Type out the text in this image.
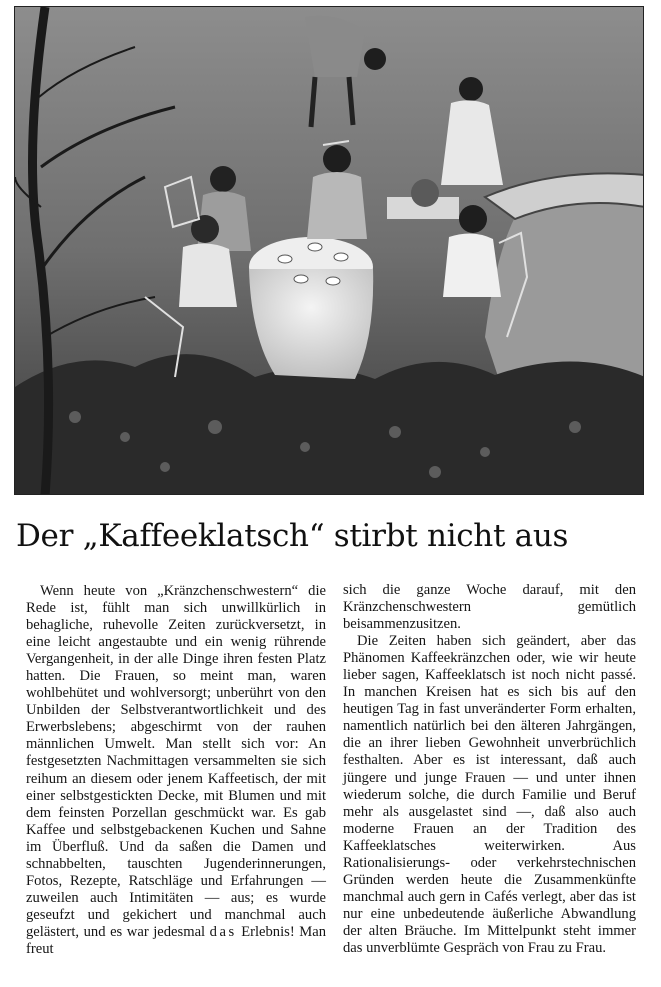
Der „Kaffeeklatsch“ stirbt nicht aus

Wenn heute von „Kränzchenschwestern“ die Rede ist, fühlt man sich unwillkürlich in behagliche, ruhevolle Zeiten zurückversetzt, in eine leicht angestaubte und ein wenig rührende Vergangenheit, in der alle Dinge ihren festen Platz hatten. Die Frauen, so meint man, waren wohlbehütet und wohlversorgt; unberührt von den Unbilden der Selbstverantwortlichkeit und des Erwerbslebens; abgeschirmt von der rauhen männlichen Umwelt. Man stellt sich vor: An festgesetzten Nachmittagen versammelten sie sich reihum an diesem oder jenem Kaffeetisch, der mit einer selbstgestickten Decke, mit Blumen und mit dem feinsten Porzellan geschmückt war. Es gab Kaffee und selbstgebackenen Kuchen und Sahne im Überfluß. Und da saßen die Damen und schnabbelten, tauschten Jugenderinnerungen, Fotos, Rezepte, Ratschläge und Erfahrungen — zuweilen auch Intimitäten — aus; es wurde geseufzt und gekichert und manchmal auch gelästert, und es war jedesmal das Erlebnis! Man freut

sich die ganze Woche darauf, mit den Kränzchenschwestern gemütlich beisammenzusitzen.

Die Zeiten haben sich geändert, aber das Phänomen Kaffeekränzchen oder, wie wir heute lieber sagen, Kaffeeklatsch ist noch nicht passé. In manchen Kreisen hat es sich bis auf den heutigen Tag in fast unveränderter Form erhalten, namentlich natürlich bei den älteren Jahrgängen, die an ihrer lieben Gewohnheit unverbrüchlich festhalten. Aber es ist interessant, daß auch jüngere und junge Frauen — und unter ihnen wiederum solche, die durch Familie und Beruf mehr als ausgelastet sind —, daß also auch moderne Frauen an der Tradition des Kaffeeklatsches weiterwirken. Aus Rationalisierungs- oder verkehrstechnischen Gründen werden heute die Zusammenkünfte manchmal auch gern in Cafés verlegt, aber das ist nur eine unbedeutende äußerliche Abwandlung der alten Bräuche. Im Mittelpunkt steht immer das unverblümte Gespräch von Frau zu Frau.
